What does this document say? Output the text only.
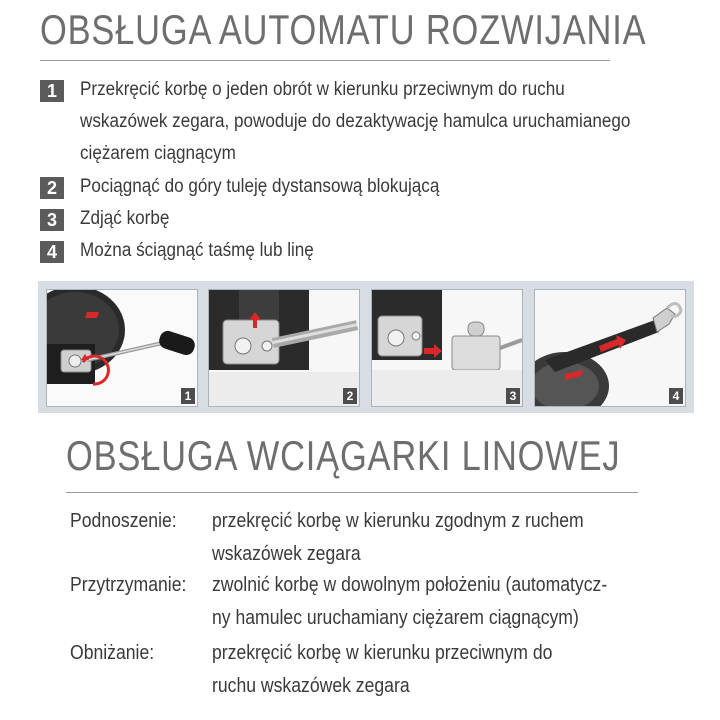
OBSŁUGA AUTOMATU ROZWIJANIA
1	Przekręcić korbę o jeden obrót w kierunku przeciwnym do ruchu
wskazówek zegara, powoduje do dezaktywację hamulca uruchamianego
ciężarem ciągnącym
2	Pociągnąć do góry tuleję dystansową blokującą
3	Zdjąć korbę
4	Można ściągnąć taśmę lub linę
1	2	3	4
OBSŁUGA WCIĄGARKI LINOWEJ
Podnoszenie: przekręcić korbę w kierunku zgodnym z ruchem
wskazówek zegara
Przytrzymanie: zwolnić korbę w dowolnym położeniu (automatycz-
ny hamulec uruchamiany ciężarem ciągnącym)
Obniżanie:	przekręcić korbę w kierunku przeciwnym do
ruchu wskazówek zegara
